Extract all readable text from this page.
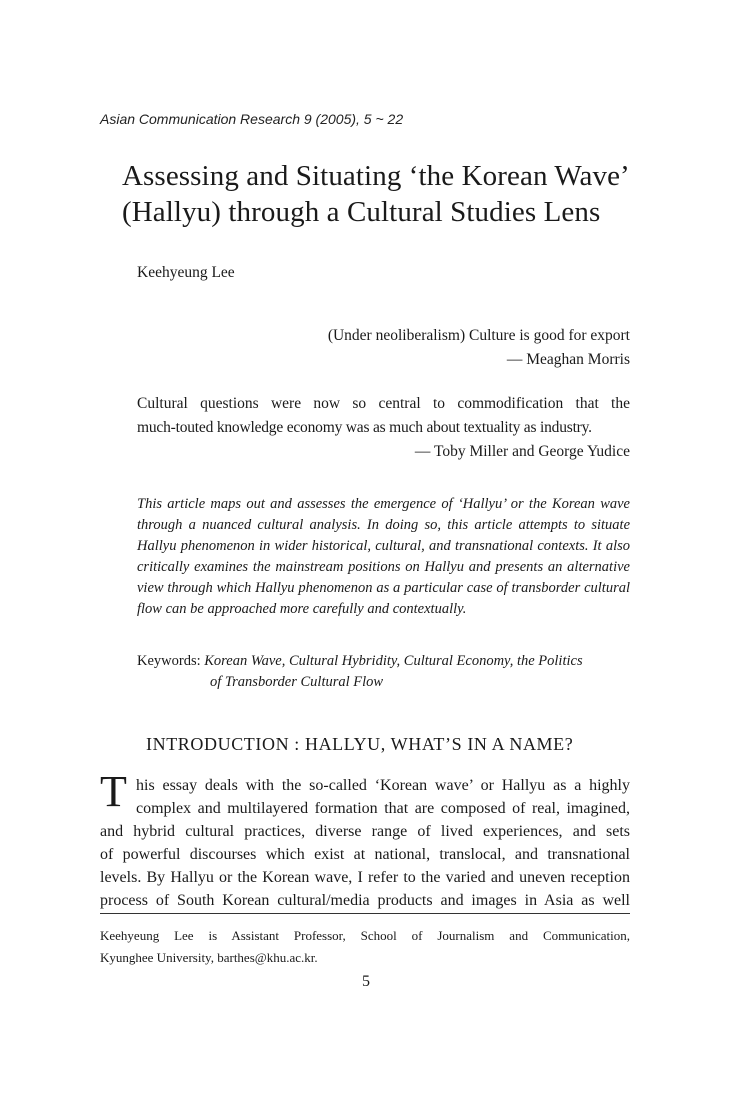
Asian Communication Research 9 (2005), 5 ~ 22
Assessing and Situating ‘the Korean Wave’ (Hallyu) through a Cultural Studies Lens
Keehyeung Lee
(Under neoliberalism) Culture is good for export
— Meaghan Morris
Cultural questions were now so central to commodification that the
much-touted knowledge economy was as much about textuality as industry.
— Toby Miller and George Yudice

This article maps out and assesses the emergence of ‘Hallyu’ or the Korean wave through a nuanced cultural analysis. In doing so, this article attempts to situate Hallyu phenomenon in wider historical, cultural, and transnational contexts. It also critically examines the mainstream positions on Hallyu and presents an alternative view through which Hallyu phenomenon as a particular case of transborder cultural flow can be approached more carefully and contextually.

Keywords: Korean Wave, Cultural Hybridity, Cultural Economy, the Politics
of Transborder Cultural Flow
INTRODUCTION : HALLYU, WHAT’S IN A NAME?
T his essay deals with the so-called ‘Korean wave’ or Hallyu as a highly
complex and multilayered formation that are composed of real, imagined,
and hybrid cultural practices, diverse range of lived experiences, and sets
of powerful discourses which exist at national, translocal, and transnational
levels. By Hallyu or the Korean wave, I refer to the varied and uneven reception
process of South Korean cultural/media products and images in Asia as well

Keehyeung Lee is Assistant Professor, School of Journalism and Communication,
Kyunghee University, barthes@khu.ac.kr.
5
